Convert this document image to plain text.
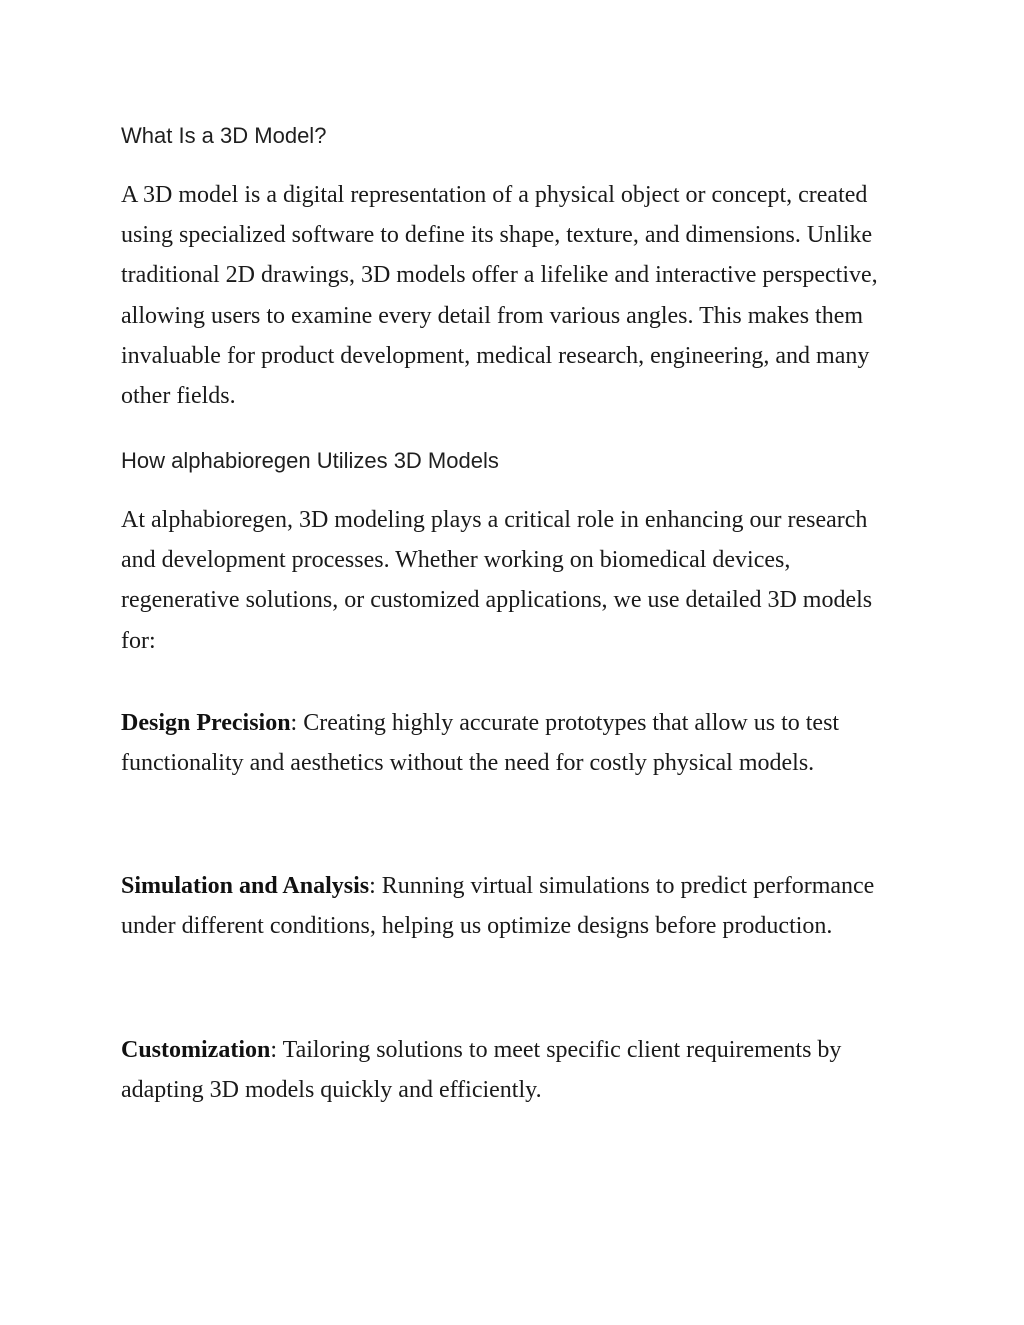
What Is a 3D Model?

A 3D model is a digital representation of a physical object or concept, created using specialized software to define its shape, texture, and dimensions. Unlike traditional 2D drawings, 3D models offer a lifelike and interactive perspective, allowing users to examine every detail from various angles. This makes them invaluable for product development, medical research, engineering, and many other fields.

How alphabioregen Utilizes 3D Models

At alphabioregen, 3D modeling plays a critical role in enhancing our research and development processes. Whether working on biomedical devices, regenerative solutions, or customized applications, we use detailed 3D models for:

Design Precision: Creating highly accurate prototypes that allow us to test functionality and aesthetics without the need for costly physical models.

Simulation and Analysis: Running virtual simulations to predict performance under different conditions, helping us optimize designs before production.

Customization: Tailoring solutions to meet specific client requirements by adapting 3D models quickly and efficiently.
